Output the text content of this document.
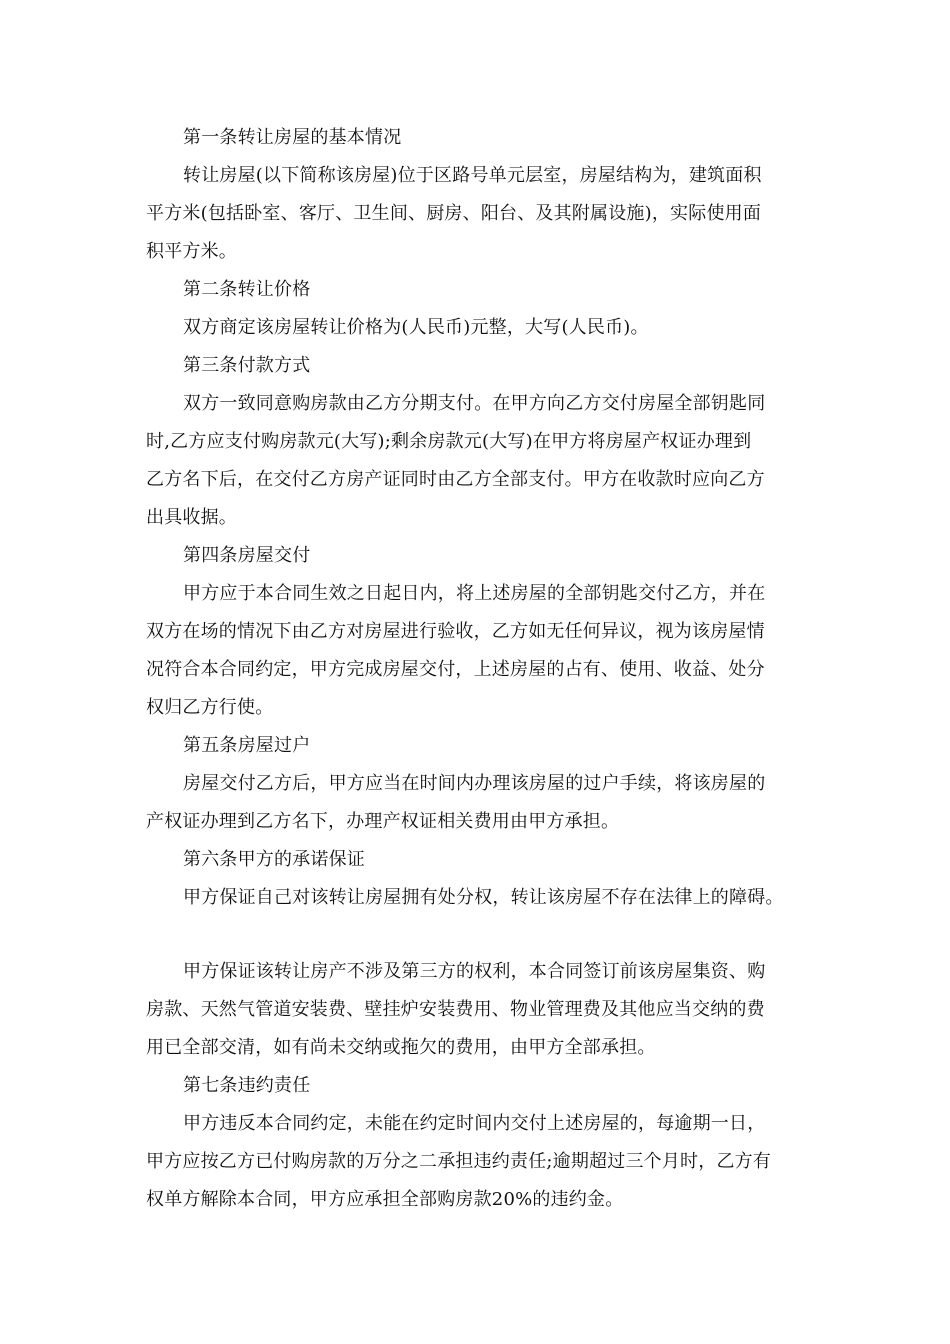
第一条转让房屋的基本情况
转让房屋(以下简称该房屋)位于区路号单元层室，房屋结构为，建筑面积
平方米(包括卧室、客厅、卫生间、厨房、阳台、及其附属设施)，实际使用面
积平方米。
第二条转让价格
双方商定该房屋转让价格为(人民币)元整，大写(人民币)。
第三条付款方式
双方一致同意购房款由乙方分期支付。在甲方向乙方交付房屋全部钥匙同
时,乙方应支付购房款元(大写);剩余房款元(大写)在甲方将房屋产权证办理到
乙方名下后，在交付乙方房产证同时由乙方全部支付。甲方在收款时应向乙方
出具收据。
第四条房屋交付
甲方应于本合同生效之日起日内，将上述房屋的全部钥匙交付乙方，并在
双方在场的情况下由乙方对房屋进行验收，乙方如无任何异议，视为该房屋情
况符合本合同约定，甲方完成房屋交付，上述房屋的占有、使用、收益、处分
权归乙方行使。
第五条房屋过户
房屋交付乙方后，甲方应当在时间内办理该房屋的过户手续，将该房屋的
产权证办理到乙方名下，办理产权证相关费用由甲方承担。
第六条甲方的承诺保证
甲方保证自己对该转让房屋拥有处分权，转让该房屋不存在法律上的障碍。
甲方保证该转让房产不涉及第三方的权利，本合同签订前该房屋集资、购
房款、天然气管道安装费、壁挂炉安装费用、物业管理费及其他应当交纳的费
用已全部交清，如有尚未交纳或拖欠的费用，由甲方全部承担。
第七条违约责任
甲方违反本合同约定，未能在约定时间内交付上述房屋的，每逾期一日，
甲方应按乙方已付购房款的万分之二承担违约责任;逾期超过三个月时，乙方有
权单方解除本合同，甲方应承担全部购房款20%的违约金。
